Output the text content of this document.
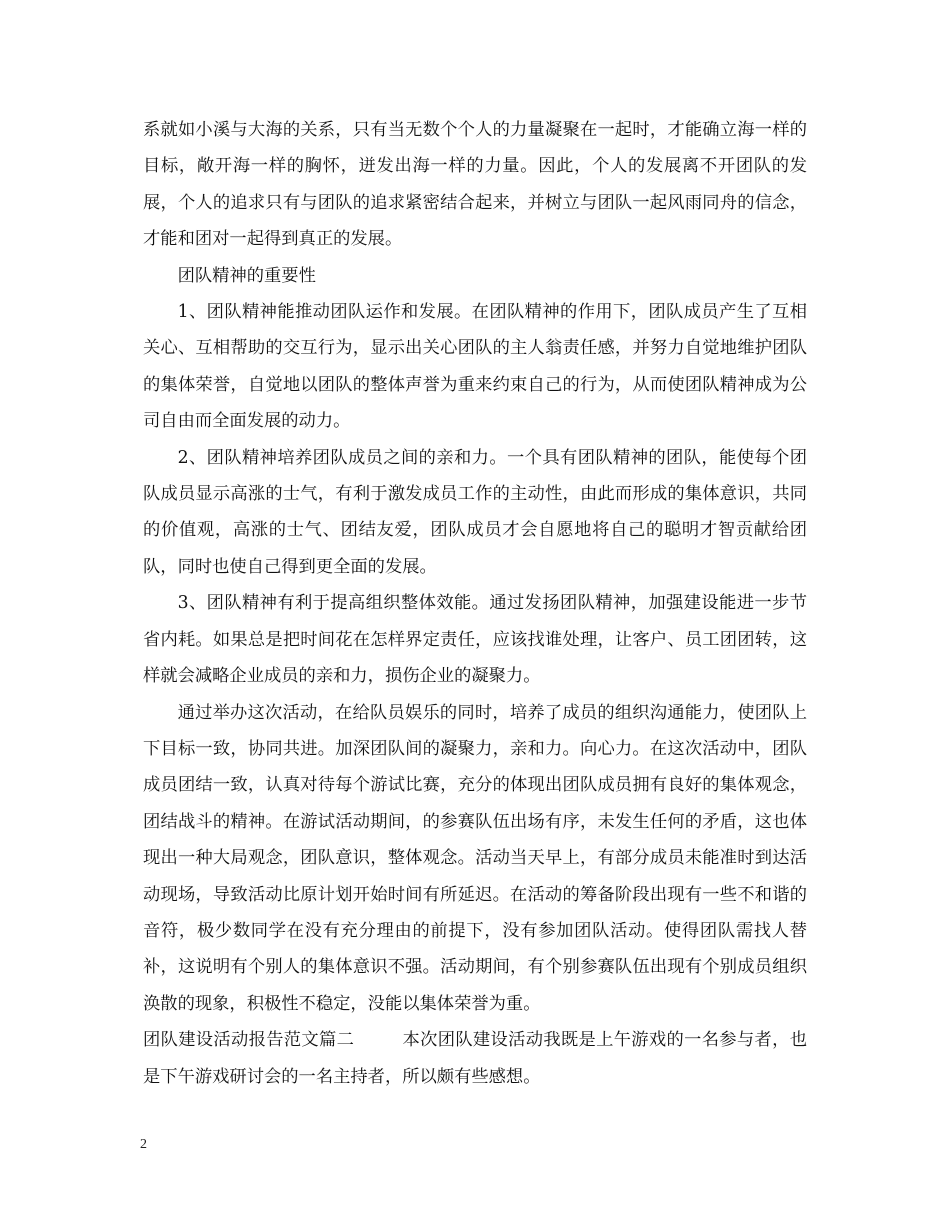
系就如小溪与大海的关系，只有当无数个个人的力量凝聚在一起时，才能确立海一样的目标，敞开海一样的胸怀，迸发出海一样的力量。因此，个人的发展离不开团队的发展，个人的追求只有与团队的追求紧密结合起来，并树立与团队一起风雨同舟的信念，才能和团对一起得到真正的发展。

团队精神的重要性

1、团队精神能推动团队运作和发展。在团队精神的作用下，团队成员产生了互相关心、互相帮助的交互行为，显示出关心团队的主人翁责任感，并努力自觉地维护团队的集体荣誉，自觉地以团队的整体声誉为重来约束自己的行为，从而使团队精神成为公司自由而全面发展的动力。

2、团队精神培养团队成员之间的亲和力。一个具有团队精神的团队，能使每个团队成员显示高涨的士气，有利于激发成员工作的主动性，由此而形成的集体意识，共同的价值观，高涨的士气、团结友爱，团队成员才会自愿地将自己的聪明才智贡献给团队，同时也使自己得到更全面的发展。

3、团队精神有利于提高组织整体效能。通过发扬团队精神，加强建设能进一步节省内耗。如果总是把时间花在怎样界定责任，应该找谁处理，让客户、员工团团转，这样就会减略企业成员的亲和力，损伤企业的凝聚力。

通过举办这次活动，在给队员娱乐的同时，培养了成员的组织沟通能力，使团队上下目标一致，协同共进。加深团队间的凝聚力，亲和力。向心力。在这次活动中，团队成员团结一致，认真对待每个游试比赛，充分的体现出团队成员拥有良好的集体观念，团结战斗的精神。在游试活动期间，的参赛队伍出场有序，未发生任何的矛盾，这也体现出一种大局观念，团队意识，整体观念。活动当天早上，有部分成员未能准时到达活动现场，导致活动比原计划开始时间有所延迟。在活动的筹备阶段出现有一些不和谐的音符，极少数同学在没有充分理由的前提下，没有参加团队活动。使得团队需找人替补，这说明有个别人的集体意识不强。活动期间，有个别参赛队伍出现有个别成员组织涣散的现象，积极性不稳定，没能以集体荣誉为重。

团队建设活动报告范文篇二	本次团队建设活动我既是上午游戏的一名参与者，也是下午游戏研讨会的一名主持者，所以颇有些感想。

2
